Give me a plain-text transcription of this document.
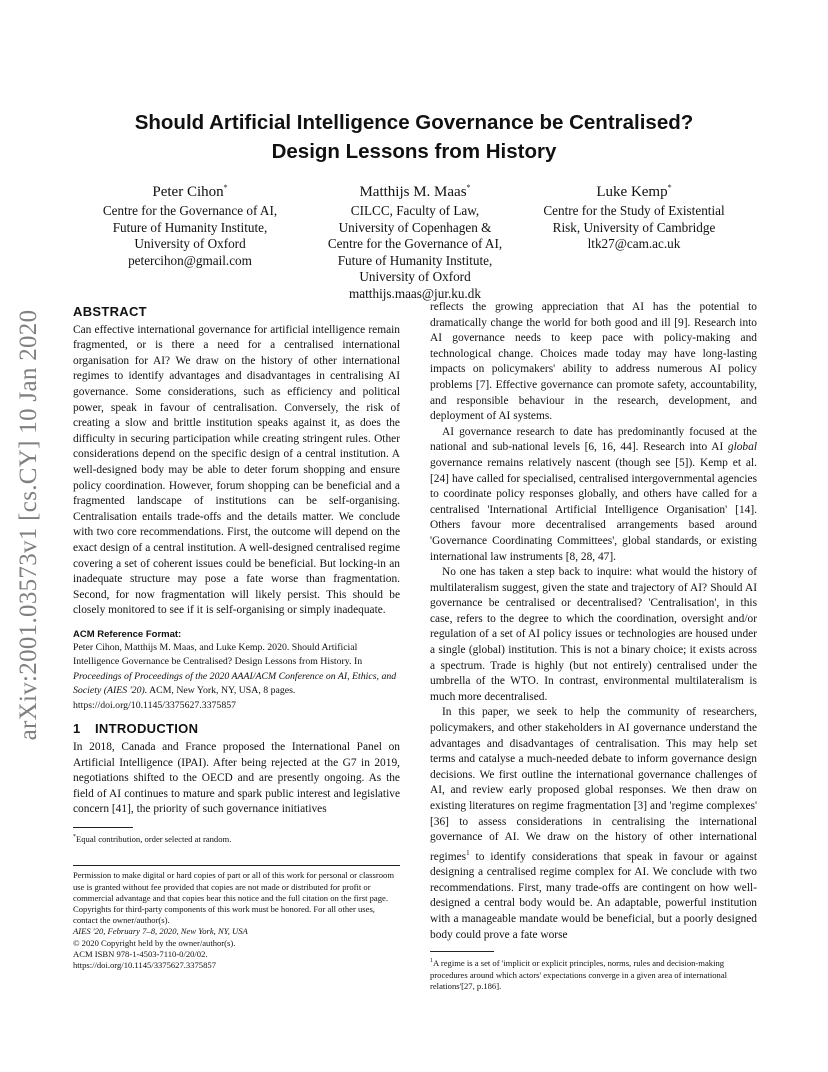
arXiv:2001.03573v1 [cs.CY] 10 Jan 2020
Should Artificial Intelligence Governance be Centralised?
Design Lessons from History
Peter Cihon*
Centre for the Governance of AI,
Future of Humanity Institute,
University of Oxford
petercihon@gmail.com
Matthijs M. Maas*
CILCC, Faculty of Law,
University of Copenhagen &
Centre for the Governance of AI,
Future of Humanity Institute,
University of Oxford
matthijs.maas@jur.ku.dk
Luke Kemp*
Centre for the Study of Existential
Risk, University of Cambridge
ltk27@cam.ac.uk
ABSTRACT

Can effective international governance for artificial intelligence remain fragmented, or is there a need for a centralised international organisation for AI? We draw on the history of other international regimes to identify advantages and disadvantages in centralising AI governance. Some considerations, such as efficiency and political power, speak in favour of centralisation. Conversely, the risk of creating a slow and brittle institution speaks against it, as does the difficulty in securing participation while creating stringent rules. Other considerations depend on the specific design of a central institution. A well-designed body may be able to deter forum shopping and ensure policy coordination. However, forum shopping can be beneficial and a fragmented landscape of institutions can be self-organising. Centralisation entails trade-offs and the details matter. We conclude with two core recommendations. First, the outcome will depend on the exact design of a central institution. A well-designed centralised regime covering a set of coherent issues could be beneficial. But locking-in an inadequate structure may pose a fate worse than fragmentation. Second, for now fragmentation will likely persist. This should be closely monitored to see if it is self-organising or simply inadequate.

ACM Reference Format:
Peter Cihon, Matthijs M. Maas, and Luke Kemp. 2020. Should Artificial Intelligence Governance be Centralised? Design Lessons from History. In Proceedings of Proceedings of the 2020 AAAI/ACM Conference on AI, Ethics, and Society (AIES '20). ACM, New York, NY, USA, 8 pages. https://doi.org/10.1145/3375627.3375857
1 INTRODUCTION

In 2018, Canada and France proposed the International Panel on Artificial Intelligence (IPAI). After being rejected at the G7 in 2019, negotiations shifted to the OECD and are presently ongoing. As the field of AI continues to mature and spark public interest and legislative concern [41], the priority of such governance initiatives

*Equal contribution, order selected at random.
Permission to make digital or hard copies of part or all of this work for personal or classroom use is granted without fee provided that copies are not made or distributed for profit or commercial advantage and that copies bear this notice and the full citation on the first page. Copyrights for third-party components of this work must be honored. For all other uses, contact the owner/author(s).
AIES '20, February 7–8, 2020, New York, NY, USA
© 2020 Copyright held by the owner/author(s).
ACM ISBN 978-1-4503-7110-0/20/02.
https://doi.org/10.1145/3375627.3375857

reflects the growing appreciation that AI has the potential to dramatically change the world for both good and ill [9]. Research into AI governance needs to keep pace with policy-making and technological change. Choices made today may have long-lasting impacts on policymakers' ability to address numerous AI policy problems [7]. Effective governance can promote safety, accountability, and responsible behaviour in the research, development, and deployment of AI systems.

AI governance research to date has predominantly focused at the national and sub-national levels [6, 16, 44]. Research into AI global governance remains relatively nascent (though see [5]). Kemp et al. [24] have called for specialised, centralised intergovernmental agencies to coordinate policy responses globally, and others have called for a centralised 'International Artificial Intelligence Organisation' [14]. Others favour more decentralised arrangements based around 'Governance Coordinating Committees', global standards, or existing international law instruments [8, 28, 47].

No one has taken a step back to inquire: what would the history of multilateralism suggest, given the state and trajectory of AI? Should AI governance be centralised or decentralised? 'Centralisation', in this case, refers to the degree to which the coordination, oversight and/or regulation of a set of AI policy issues or technologies are housed under a single (global) institution. This is not a binary choice; it exists across a spectrum. Trade is highly (but not entirely) centralised under the umbrella of the WTO. In contrast, environmental multilateralism is much more decentralised.

In this paper, we seek to help the community of researchers, policymakers, and other stakeholders in AI governance understand the advantages and disadvantages of centralisation. This may help set terms and catalyse a much-needed debate to inform governance design decisions. We first outline the international governance challenges of AI, and review early proposed global responses. We then draw on existing literatures on regime fragmentation [3] and 'regime complexes' [36] to assess considerations in centralising the international governance of AI. We draw on the history of other international regimes$^1$ to identify considerations that speak in favour or against designing a centralised regime complex for AI. We conclude with two recommendations. First, many trade-offs are contingent on how well-designed a central body would be. An adaptable, powerful institution with a manageable mandate would be beneficial, but a poorly designed body could prove a fate worse

$^1$A regime is a set of 'implicit or explicit principles, norms, rules and decision-making procedures around which actors' expectations converge in a given area of international relations'[27, p.186].
